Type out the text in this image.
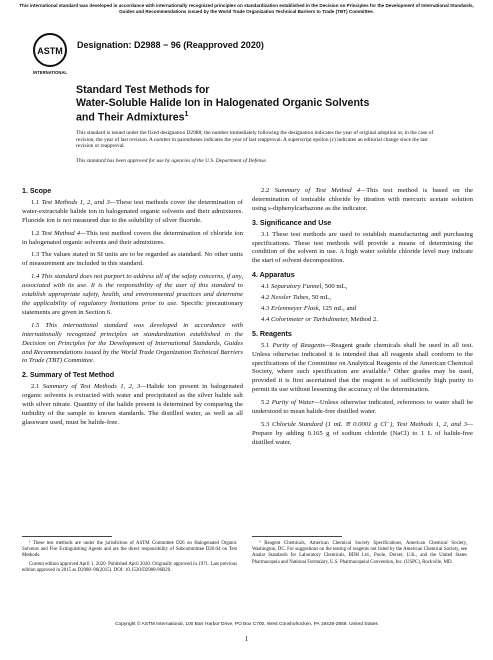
This international standard was developed in accordance with internationally recognized principles on standardization established in the Decision on Principles for the Development of International Standards, Guides and Recommendations issued by the World Trade Organization Technical Barriers to Trade (TBT) Committee.
ASTM
INTERNATIONAL
Designation: D2988 − 96 (Reapproved 2020)
Standard Test Methods for
Water-Soluble Halide Ion in Halogenated Organic Solvents
and Their Admixtures$^1$
This standard is issued under the fixed designation D2988; the number immediately following the designation indicates the year of original adoption or, in the case of revision, the year of last revision. A number in parentheses indicates the year of last reapproval. A superscript epsilon (ε) indicates an editorial change since the last revision or reapproval.
This standard has been approved for use by agencies of the U.S. Department of Defense.
1. Scope

1.1 Test Methods 1, 2, and 3—These test methods cover the determination of water-extractable halide ion in halogenated organic solvents and their admixtures. Fluoride ion is not measured due to the solubility of silver fluoride.

1.2 Test Method 4—This test method covers the determination of chloride ion in halogenated organic solvents and their admixtures.

1.3 The values stated in SI units are to be regarded as standard. No other units of measurement are included in this standard.

1.4 This standard does not purport to address all of the safety concerns, if any, associated with its use. It is the responsibility of the user of this standard to establish appropriate safety, health, and environmental practices and determine the applicability of regulatory limitations prior to use. Specific precautionary statements are given in Section 6.

1.5 This international standard was developed in accordance with internationally recognized principles on standardization established in the Decision on Principles for the Development of International Standards, Guides and Recommendations issued by the World Trade Organization Technical Barriers to Trade (TBT) Committee.

2. Summary of Test Method

2.1 Summary of Test Methods 1, 2, 3—Halide ion present in halogenated organic solvents is extracted with water and precipitated as the silver halide salt with silver nitrate. Quantity of the halide present is determined by comparing the turbidity of the sample to known standards. The distilled water, as well as all glassware used, must be halide-free.

2.2 Summary of Test Method 4—This test method is based on the determination of ionizable chloride by titration with mercuric acetate solution using s-diphenylcarbazone as the indicator.

3. Significance and Use

3.1 These test methods are used to establish manufacturing and purchasing specifications. These test methods will provide a means of determining the condition of the solvent in use. A high water soluble chloride level may indicate the start of solvent decomposition.

4. Apparatus

4.1 Separatory Funnel, 500 mL,

4.2 Nessler Tubes, 50 mL,

4.3 Erlenmeyer Flask, 125 mL, and

4.4 Colorimeter or Turbidimeter, Method 2.

5. Reagents

5.1 Purity of Reagents—Reagent grade chemicals shall be used in all test. Unless otherwise indicated it is intended that all reagents shall conform to the specifications of the Committee on Analytical Reagents of the American Chemical Society, where such specification are available.² Other grades may be used, provided it is first ascertained that the reagent is of sufficiently high purity to permit its use without lessening the accuracy of the determination.

5.2 Purity of Water—Unless otherwise indicated, references to water shall be understood to mean halide-free distilled water.

5.3 Chloride Standard (1 mL ≅ 0.0001 g Cl⁻), Test Methods 1, 2, and 3—Prepare by adding 0.165 g of sodium chloride (NaCl) to 1 L of halide-free distilled water.

¹ These test methods are under the jurisdiction of ASTM Committee D26 on Halogenated Organic Solvents and Fire Extinguishing Agents and are the direct responsibility of Subcommittee D26.04 on Test Methods.

Current edition approved April 1, 2020. Published April 2020. Originally approved in 1971. Last previous edition approved in 2015 as D2988–96(2015). DOI: 10.1520/D2988-96R20.

² Reagent Chemicals, American Chemical Society Specifications, American Chemical Society, Washington, DC. For suggestions on the testing of reagents not listed by the American Chemical Society, see Analar Standards for Laboratory Chemicals, BDH Ltd., Poole, Dorset, U.K., and the United States Pharmacopeia and National Formulary, U.S. Pharmacopeial Convention, Inc. (USPC), Rockville, MD.

Copyright © ASTM International, 100 Barr Harbor Drive, PO Box C700, West Conshohocken, PA 19428-2959. United States
1
